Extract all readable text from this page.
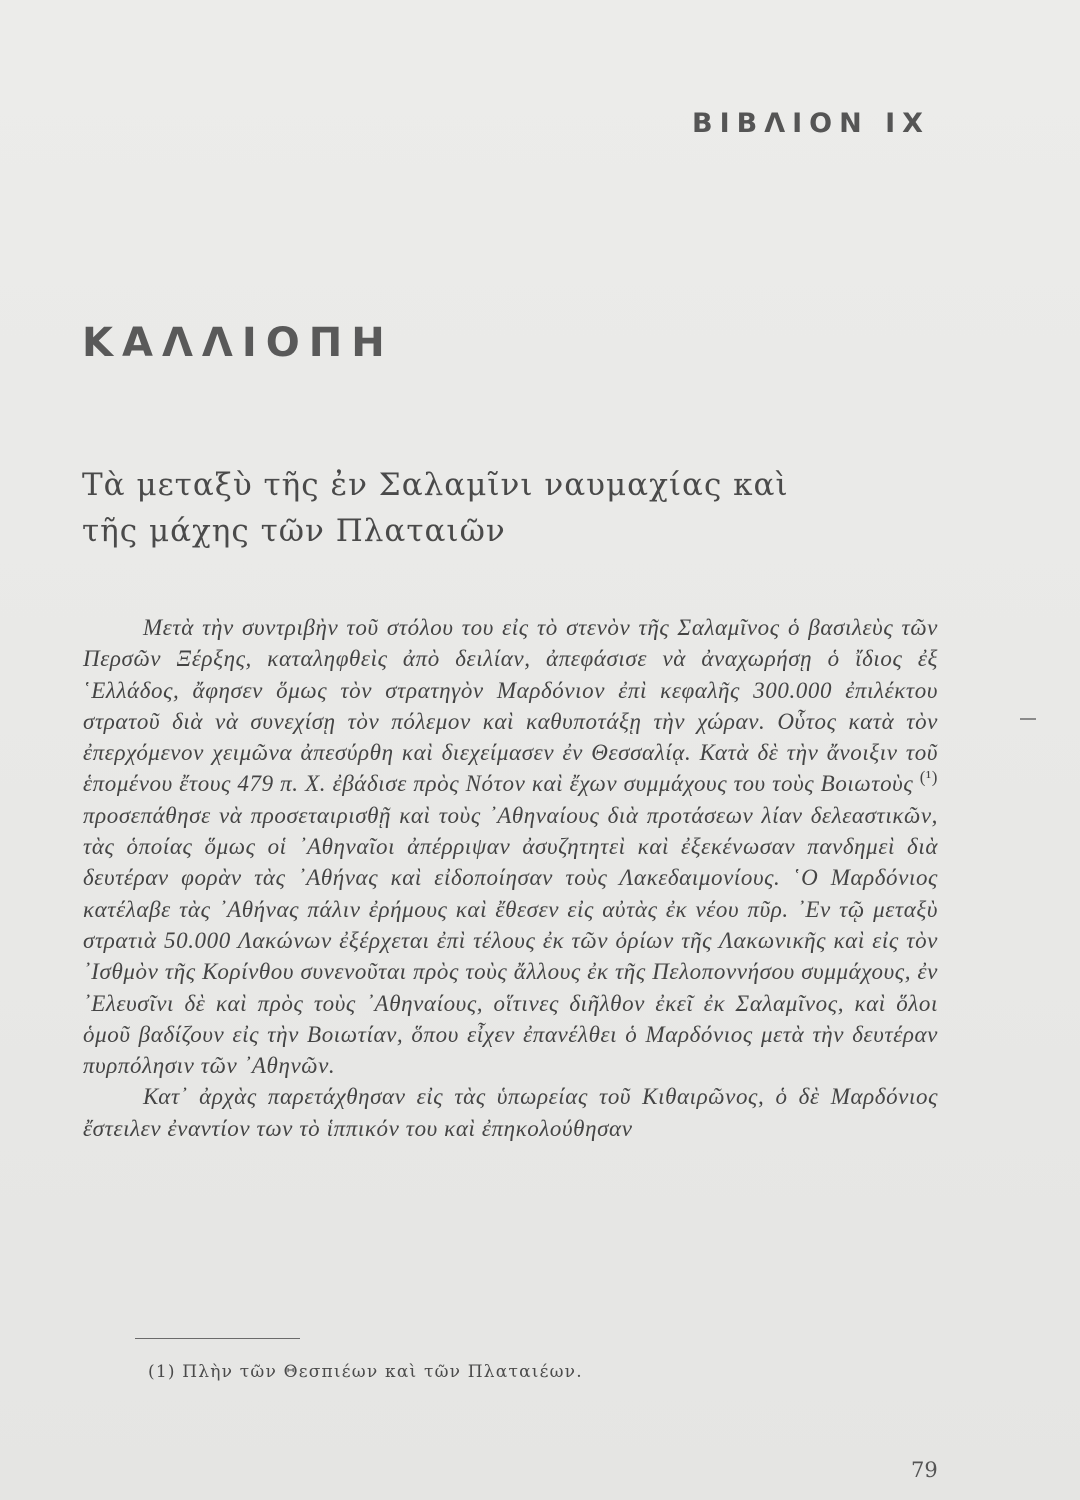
ΒΙΒΛΙΟΝ ΙΧ
ΚΑΛΛΙΟΠΗ
Τὰ μεταξὺ τῆς ἐν Σαλαμῖνι ναυμαχίας καὶ
τῆς μάχης τῶν Πλαταιῶν

Μετὰ τὴν συντριβὴν τοῦ στόλου του εἰς τὸ στενὸν τῆς Σαλαμῖνος ὁ βασιλεὺς τῶν Περσῶν Ξέρξης, καταληφθεὶς ἀπὸ δειλίαν, ἀπεφάσισε νὰ ἀναχωρήσῃ ὁ ἴδιος ἐξ ῾Ελλάδος, ἄφησεν ὅμως τὸν στρατηγὸν Μαρδόνιον ἐπὶ κεφαλῆς 300.000 ἐπιλέκτου στρατοῦ διὰ νὰ συνεχίσῃ τὸν πόλεμον καὶ καθυποτάξῃ τὴν χώραν. Οὗτος κατὰ τὸν ἐπερχόμενον χειμῶνα ἀπεσύρθη καὶ διεχείμασεν ἐν Θεσσαλίᾳ. Κατὰ δὲ τὴν ἄνοιξιν τοῦ ἑπομένου ἔτους 479 π. Χ. ἐβάδισε πρὸς Νότον καὶ ἔχων συμμάχους του τοὺς Βοιωτοὺς $^{(^1)}$ προσεπάθησε νὰ προσεταιρισθῇ καὶ τοὺς ᾿Αθηναίους διὰ προτάσεων λίαν δελεαστικῶν, τὰς ὁποίας ὅμως οἱ ᾿Αθηναῖοι ἀπέρριψαν ἀσυζητητεὶ καὶ ἐξεκένωσαν πανδημεὶ διὰ δευτέραν φορὰν τὰς ᾿Αθήνας καὶ εἰδοποίησαν τοὺς Λακεδαιμονίους. ῾Ο Μαρδόνιος κατέλαβε τὰς ᾿Αθήνας πάλιν ἐρήμους καὶ ἔθεσεν εἰς αὐτὰς ἐκ νέου πῦρ. ᾿Εν τῷ μεταξὺ στρατιὰ 50.000 Λακώνων ἐξέρχεται ἐπὶ τέλους ἐκ τῶν ὁρίων τῆς Λακωνικῆς καὶ εἰς τὸν ᾿Ισθμὸν τῆς Κορίνθου συνενοῦται πρὸς τοὺς ἄλλους ἐκ τῆς Πελοποννήσου συμμάχους, ἐν ᾿Ελευσῖνι δὲ καὶ πρὸς τοὺς ᾿Αθηναίους, οἵτινες διῆλθον ἐκεῖ ἐκ Σαλαμῖνος, καὶ ὅλοι ὁμοῦ βαδίζουν εἰς τὴν Βοιωτίαν, ὅπου εἶχεν ἐπανέλθει ὁ Μαρδόνιος μετὰ τὴν δευτέραν πυρπόλησιν τῶν ᾿Αθηνῶν.

Κατ᾿ ἀρχὰς παρετάχθησαν εἰς τὰς ὑπωρείας τοῦ Κιθαιρῶνος, ὁ δὲ Μαρδόνιος ἔστειλεν ἐναντίον των τὸ ἱππικόν του καὶ ἐπηκολούθησαν

(1) Πλὴν τῶν Θεσπιέων καὶ τῶν Πλαταιέων.
79
